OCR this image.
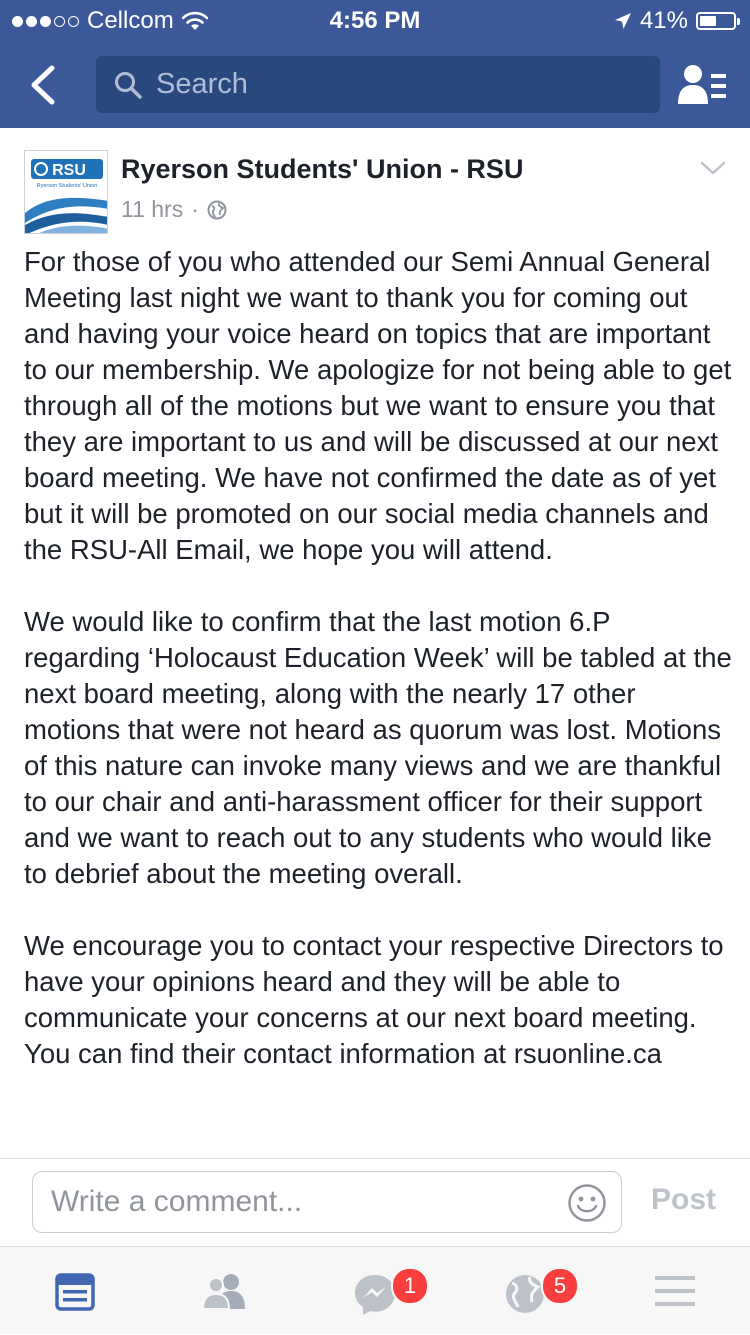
Cellcom	4:56 PM	41%
Search
RSU
Ryerson Students' Union
Ryerson Students' Union - RSU
11 hrs ·

For those of you who attended our Semi Annual General Meeting last night we want to thank you for coming out and having your voice heard on topics that are important to our membership. We apologize for not being able to get through all of the motions but we want to ensure you that they are important to us and will be discussed at our next board meeting. We have not confirmed the date as of yet but it will be promoted on our social media channels and the RSU-All Email, we hope you will attend.

We would like to confirm that the last motion 6.P regarding ‘Holocaust Education Week’ will be tabled at the next board meeting, along with the nearly 17 other motions that were not heard as quorum was lost. Motions of this nature can invoke many views and we are thankful to our chair and anti-harassment officer for their support and we want to reach out to any students who would like to debrief about the meeting overall.

We encourage you to contact your respective Directors to have your opinions heard and they will be able to communicate your concerns at our next board meeting. You can find their contact information at rsuonline.ca

Write a comment...
Post
1	5
